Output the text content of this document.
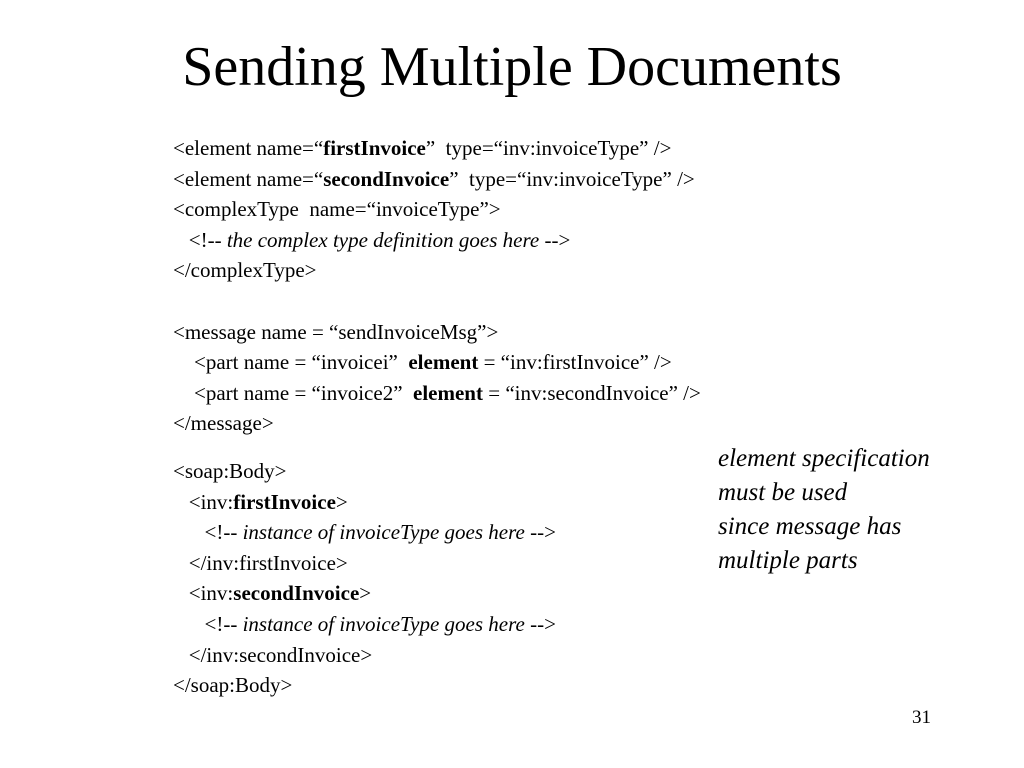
Sending Multiple Documents
<element name=“firstInvoice”  type=“inv:invoiceType” />
<element name=“secondInvoice”  type=“inv:invoiceType” />
<complexType  name=“invoiceType”>
<!-- the complex type definition goes here -->
</complexType>
<message name = “sendInvoiceMsg”>
<part name = “invoicei”  element = “inv:firstInvoice” />
<part name = “invoice2”  element = “inv:secondInvoice” />
</message>
<soap:Body>
<inv:firstInvoice>
<!-- instance of invoiceType goes here -->
</inv:firstInvoice>
<inv:secondInvoice>
<!-- instance of invoiceType goes here -->
</inv:secondInvoice>
</soap:Body>
element specification
must be used
since message has
multiple parts
31
